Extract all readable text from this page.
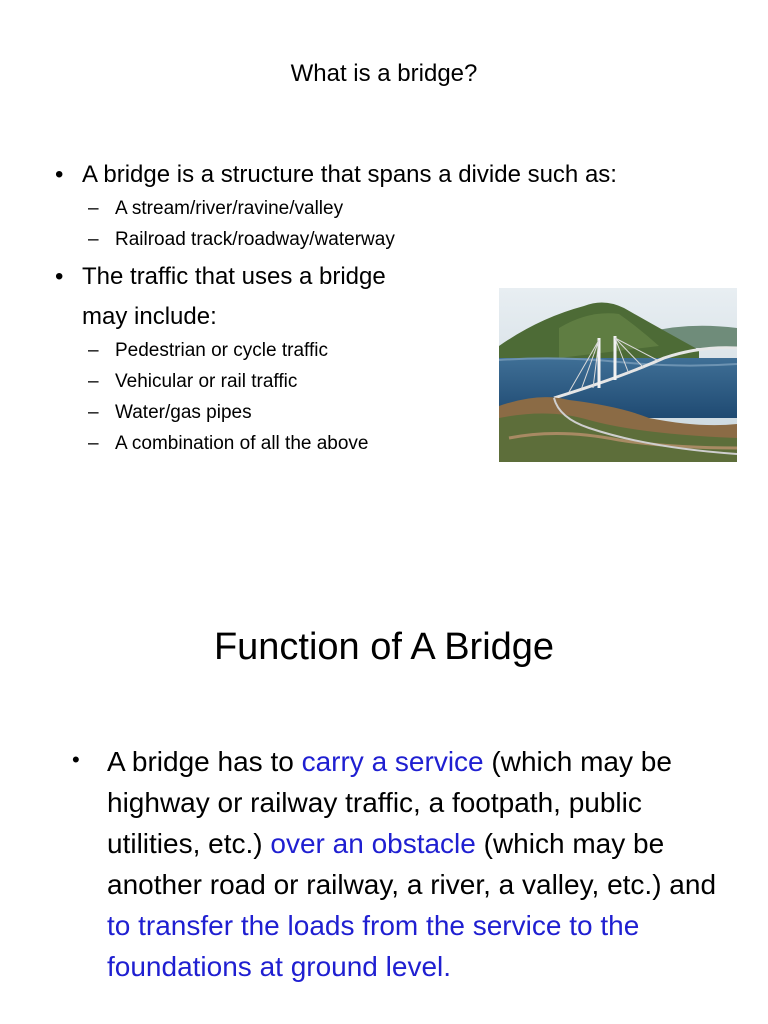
What is a bridge?
• A bridge is a structure that spans a divide such as:
– A stream/river/ravine/valley
– Railroad track/roadway/waterway
• The traffic that uses a bridge
may include:
– Pedestrian or cycle traffic
– Vehicular or rail traffic
– Water/gas pipes
– A combination of all the above
Function of A Bridge
• A bridge has to carry a service (which may be highway or railway traffic, a footpath, public utilities, etc.) over an obstacle (which may be another road or railway, a river, a valley, etc.) and to transfer the loads from the service to the foundations at ground level.
